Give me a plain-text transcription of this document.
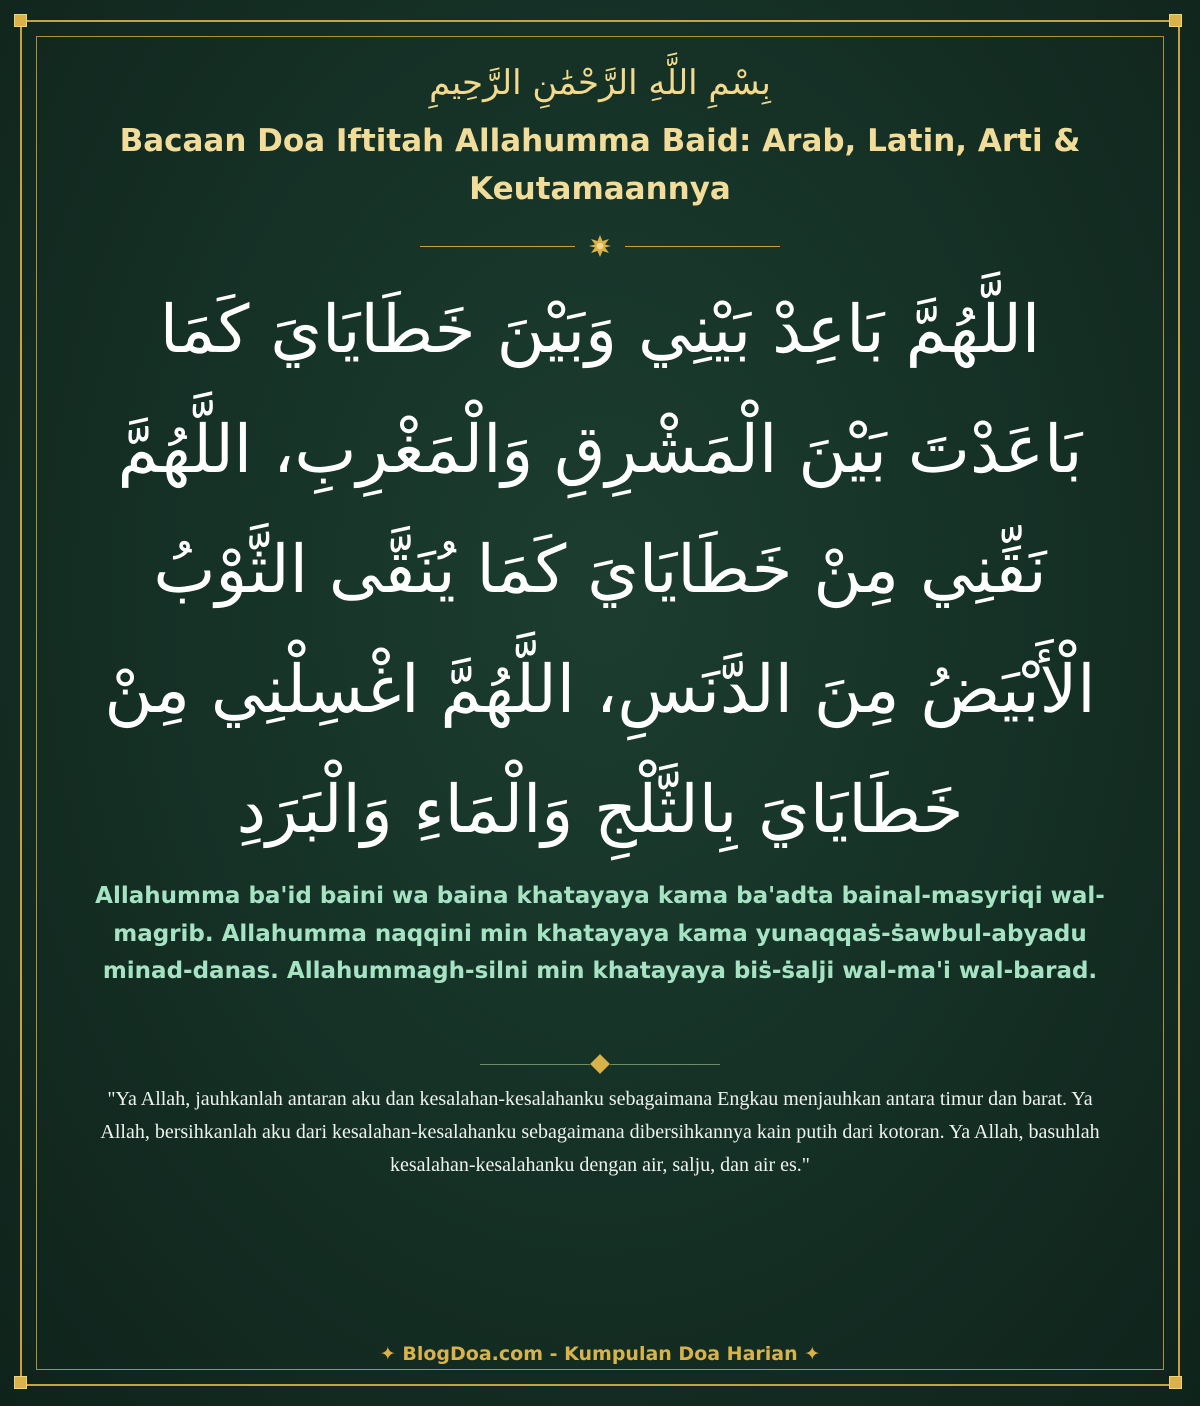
بِسْمِ اللَّهِ الرَّحْمَٰنِ الرَّحِيمِ
Bacaan Doa Iftitah Allahumma Baid: Arab, Latin, Arti & Keutamaannya
اللَّهُمَّ بَاعِدْ بَيْنِي وَبَيْنَ خَطَايَايَ كَمَا بَاعَدْتَ بَيْنَ الْمَشْرِقِ وَالْمَغْرِبِ، اللَّهُمَّ نَقِّنِي مِنْ خَطَايَايَ كَمَا يُنَقَّى الثَّوْبُ الْأَبْيَضُ مِنَ الدَّنَسِ، اللَّهُمَّ اغْسِلْنِي مِنْ خَطَايَايَ بِالثَّلْجِ وَالْمَاءِ وَالْبَرَدِ
Allahumma ba'id baini wa baina khatayaya kama ba'adta bainal-masyriqi wal-magrib. Allahumma naqqini min khatayaya kama yunaqqaṡ-ṡawbul-abyadu minad-danas. Allahummagh-silni min khatayaya biṡ-ṡalji wal-ma'i wal-barad.
"Ya Allah, jauhkanlah antaran aku dan kesalahan-kesalahanku sebagaimana Engkau menjauhkan antara timur dan barat. Ya Allah, bersihkanlah aku dari kesalahan-kesalahanku sebagaimana dibersihkannya kain putih dari kotoran. Ya Allah, basuhlah kesalahan-kesalahanku dengan air, salju, dan air es."
✦ BlogDoa.com - Kumpulan Doa Harian ✦
